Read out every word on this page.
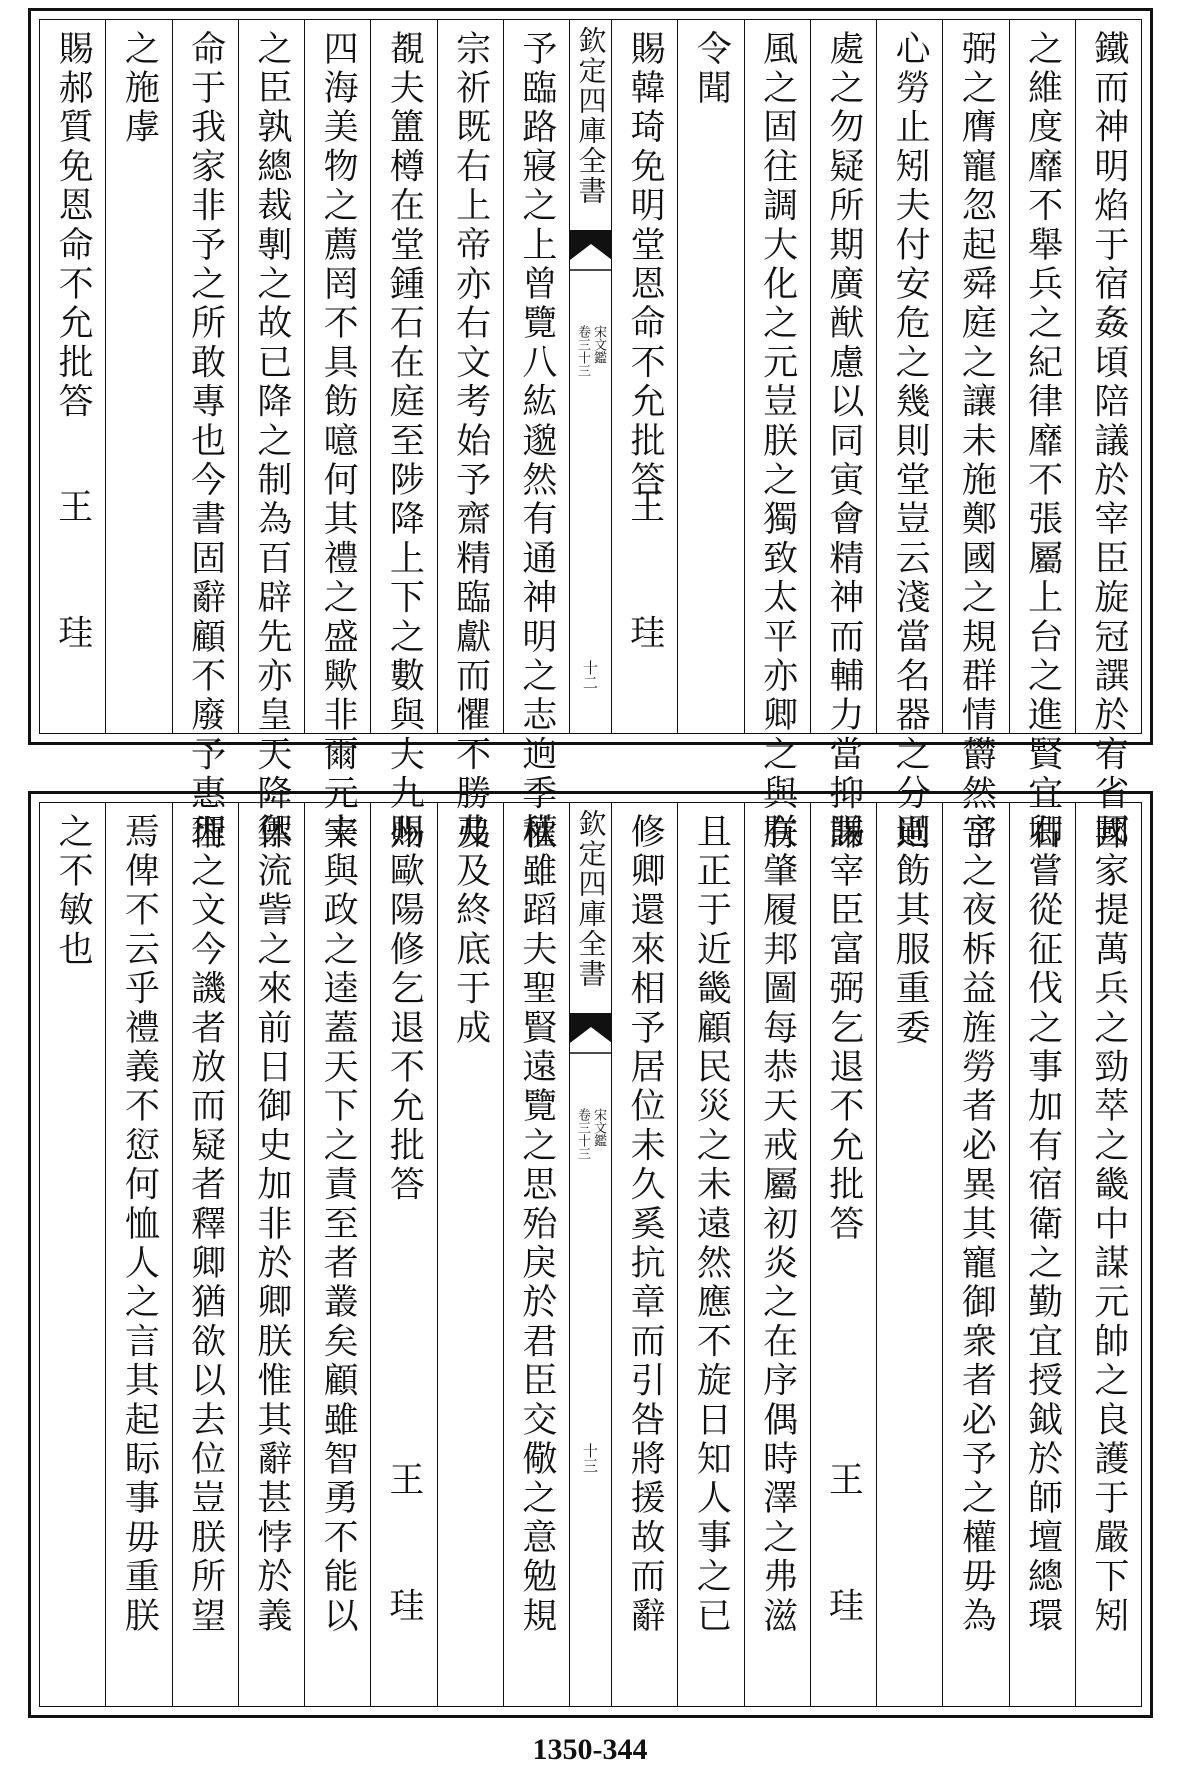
鐵而神明焰于宿姦頃陪議於宰臣旋冠譔於宥省邦
之維度靡不舉兵之紀律靡不張屬上台之進賢宜右
弼之膺寵忽起舜庭之讓未施鄭國之規群情欝然予
心勞止矧夫付安危之幾則堂豈云淺當名器之分則
處之勿疑所期廣猷慮以同寅會精神而輔力當抑謙
風之固往調大化之元豈朕之獨致太平亦卿之與有
令聞
賜韓琦免明堂恩命不允批答
王　珪
欽定四庫全書
宋文鑑
卷三十三
十二
予臨路寢之上曾覽八紘邈然有通神明之志逈季秋
宗祈既右上帝亦右文考始予齋精臨獻而懼不勝及
覩夫簠樽在堂鍾石在庭至陟降上下之數與夫九州
四海美物之薦罔不具飭噫何其禮之盛歟非爾元宰
之臣孰總裁剸之故已降之制為百辟先亦皇天降休
命于我家非予之所敢專也今書固辭顧不廢予惠術
之施虖
賜郝質免恩命不允批答
王　珪
國家提萬兵之勁萃之畿中謀元帥之良護于嚴下矧
卿嘗從征伐之事加有宿衛之勤宜授鉞於師壇總環
宮之夜柝益旌勞者必異其寵御衆者必予之權毋為
過飭其服重委
賜宰臣富弼乞退不允批答
王　珪
朕肇履邦圖每恭天戒屬初炎之在序偶時澤之弗滋
且正于近畿顧民災之未遠然應不旋日知人事之已
修卿還來相予居位未久奚抗章而引咎將援故而辭
欽定四庫全書
宋文鑑
卷三十三
十三
權雖蹈夫聖賢遠覽之思殆戾於君臣交儆之意勉規
弗及終底于成
賜歐陽修乞退不允批答
王　珪
夫與政之逵蓋天下之責至者叢矣顧雖智勇不能以
禦流訾之來前日御史加非於卿朕惟其辭甚悖於義
理之文今譏者放而疑者釋卿猶欲以去位豈朕所望
焉俾不云乎禮義不愆何恤人之言其起眎事毋重朕
之不敏也
1350-344
